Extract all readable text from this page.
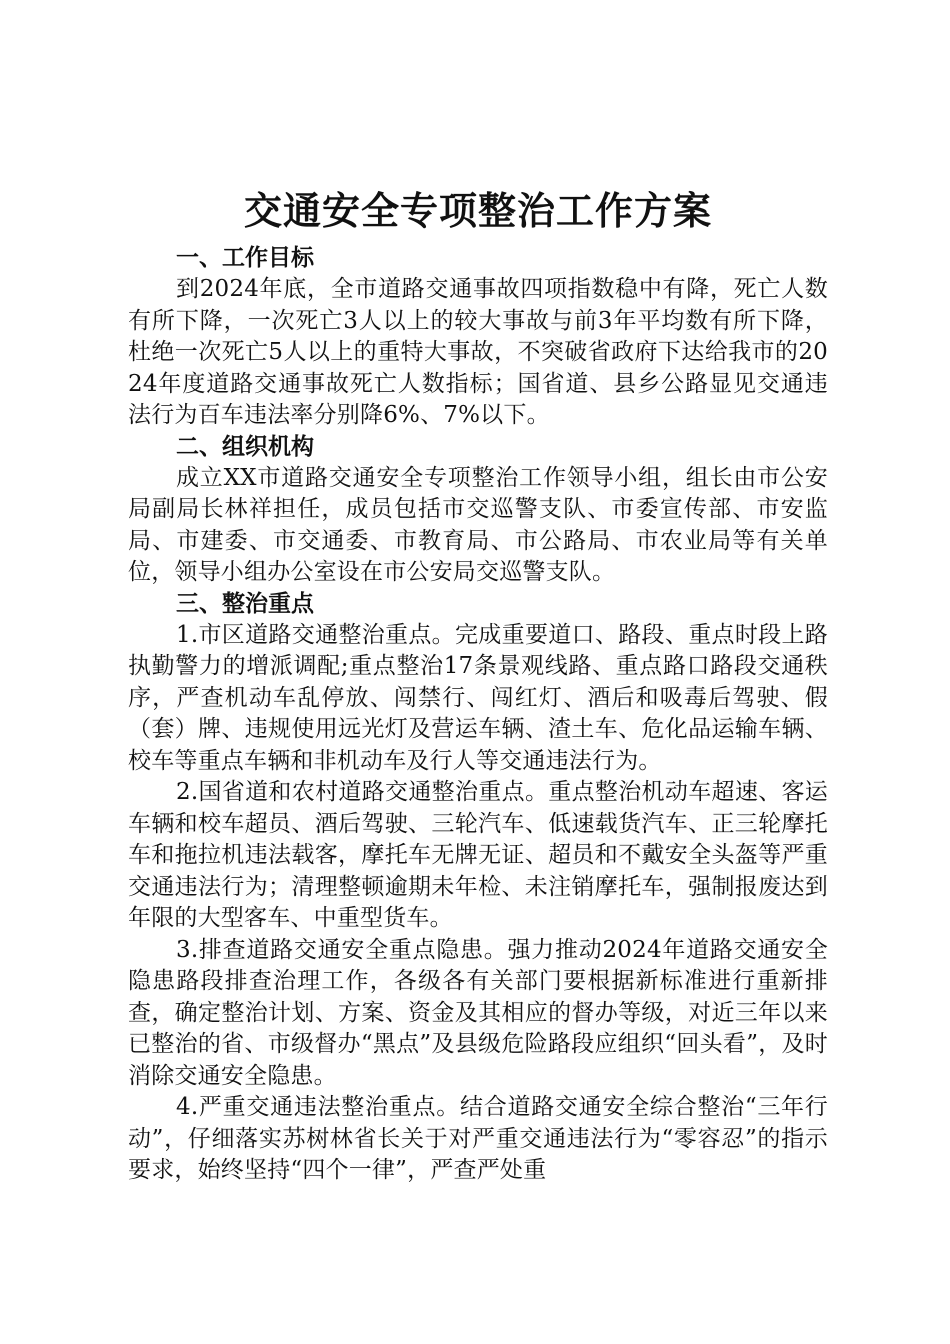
交通安全专项整治工作方案

一、工作目标

到2024年底，全市道路交通事故四项指数稳中有降，死亡人数有所下降，一次死亡3人以上的较大事故与前3年平均数有所下降，杜绝一次死亡5人以上的重特大事故，不突破省政府下达给我市的2024年度道路交通事故死亡人数指标；国省道、县乡公路显见交通违法行为百车违法率分别降6%、7%以下。

二、组织机构

成立XX市道路交通安全专项整治工作领导小组，组长由市公安局副局长林祥担任，成员包括市交巡警支队、市委宣传部、市安监局、市建委、市交通委、市教育局、市公路局、市农业局等有关单位，领导小组办公室设在市公安局交巡警支队。

三、整治重点

1.市区道路交通整治重点。完成重要道口、路段、重点时段上路执勤警力的增派调配;重点整治17条景观线路、重点路口路段交通秩序，严查机动车乱停放、闯禁行、闯红灯、酒后和吸毒后驾驶、假（套）牌、违规使用远光灯及营运车辆、渣土车、危化品运输车辆、校车等重点车辆和非机动车及行人等交通违法行为。

2.国省道和农村道路交通整治重点。重点整治机动车超速、客运车辆和校车超员、酒后驾驶、三轮汽车、低速载货汽车、正三轮摩托车和拖拉机违法载客，摩托车无牌无证、超员和不戴安全头盔等严重交通违法行为；清理整顿逾期未年检、未注销摩托车，强制报废达到年限的大型客车、中重型货车。

3.排查道路交通安全重点隐患。强力推动2024年道路交通安全隐患路段排查治理工作，各级各有关部门要根据新标准进行重新排查，确定整治计划、方案、资金及其相应的督办等级，对近三年以来已整治的省、市级督办“黑点”及县级危险路段应组织“回头看”，及时消除交通安全隐患。

4.严重交通违法整治重点。结合道路交通安全综合整治“三年行动”，仔细落实苏树林省长关于对严重交通违法行为“零容忍”的指示要求，始终坚持“四个一律”，严查严处重
